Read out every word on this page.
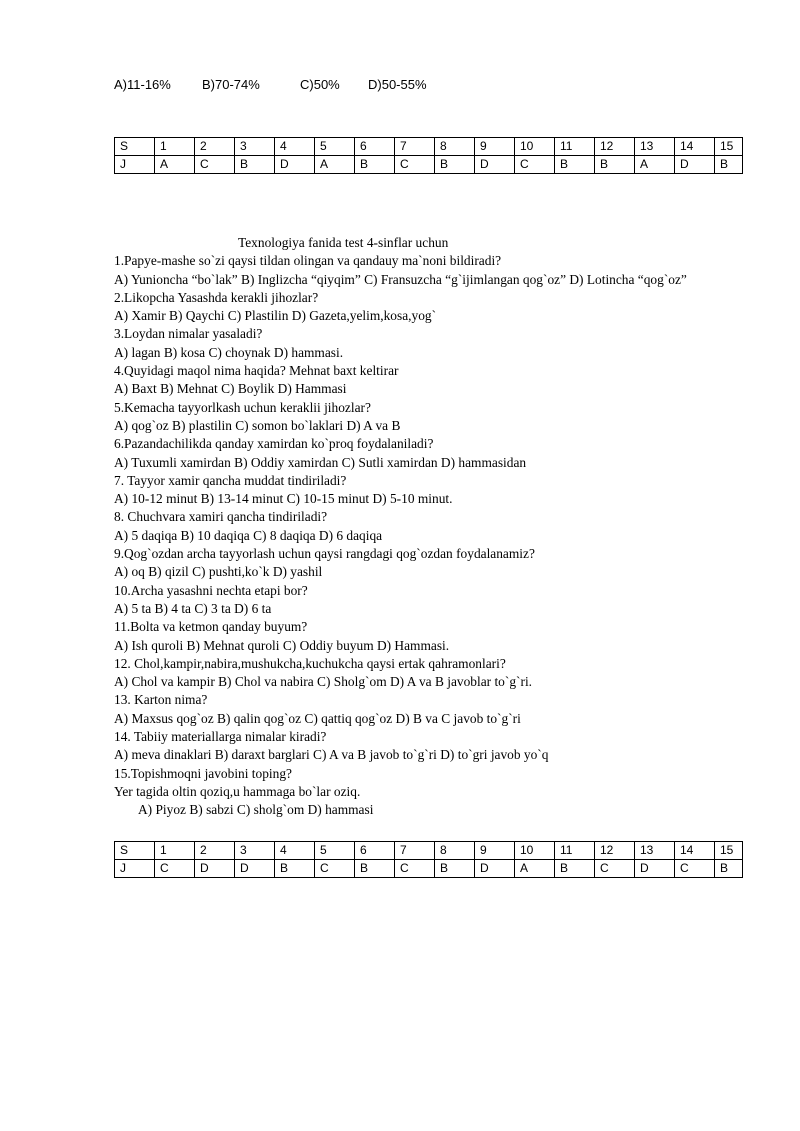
A)11-16% B)70-74%	C)50% D)50-55%
S	1	2	3	4	5	6	7	8	9	10	11	12	13	14	15
J	A	C	B	D	A	B	C	B	D	C	B	B	A	D	B

Texnologiya fanida test 4-sinflar uchun

1.Papye-mashe so`zi qaysi tildan olingan va qandauy ma`noni bildiradi?

A) Yunioncha “bo`lak” B) Inglizcha “qiyqim” C) Fransuzcha “g`ijimlangan qog`oz” D) Lotincha “qog`oz”

2.Likopcha Yasashda kerakli jihozlar?

A) Xamir B) Qaychi C) Plastilin D) Gazeta,yelim,kosa,yog`

3.Loydan nimalar yasaladi?

A) lagan B) kosa C) choynak D) hammasi.

4.Quyidagi maqol nima haqida? Mehnat baxt keltirar

A) Baxt B) Mehnat C) Boylik D) Hammasi

5.Kemacha tayyorlkash uchun keraklii jihozlar?

A) qog`oz B) plastilin C) somon bo`laklari D) A va B

6.Pazandachilikda qanday xamirdan ko`proq foydalaniladi?

A) Tuxumli xamirdan B) Oddiy xamirdan C) Sutli xamirdan D) hammasidan

7. Tayyor xamir qancha muddat tindiriladi?

A) 10-12 minut B) 13-14 minut C) 10-15 minut D) 5-10 minut.

8. Chuchvara xamiri qancha tindiriladi?

A) 5 daqiqa B) 10 daqiqa C) 8 daqiqa D) 6 daqiqa

9.Qog`ozdan archa tayyorlash uchun qaysi rangdagi qog`ozdan foydalanamiz?

A) oq B) qizil C) pushti,ko`k D) yashil

10.Archa yasashni nechta etapi bor?

A) 5 ta B) 4 ta C) 3 ta D) 6 ta

11.Bolta va ketmon qanday buyum?

A) Ish quroli B) Mehnat quroli C) Oddiy buyum D) Hammasi.

12. Chol,kampir,nabira,mushukcha,kuchukcha qaysi ertak qahramonlari?

A) Chol va kampir B) Chol va nabira C) Sholg`om D) A va B javoblar to`g`ri.

13. Karton nima?

A) Maxsus qog`oz B) qalin qog`oz C) qattiq qog`oz D) B va C javob to`g`ri

14. Tabiiy materiallarga nimalar kiradi?

A) meva dinaklari B) daraxt barglari C) A va B javob to`g`ri D) to`gri javob yo`q

15.Topishmoqni javobini toping?

Yer tagida oltin qoziq,u hammaga bo`lar oziq.

A) Piyoz B) sabzi C) sholg`om D) hammasi

S	1	2	3	4	5	6	7	8	9	10	11	12	13	14	15
J	C	D	D	B	C	B	C	B	D	A	B	C	D	C	B
